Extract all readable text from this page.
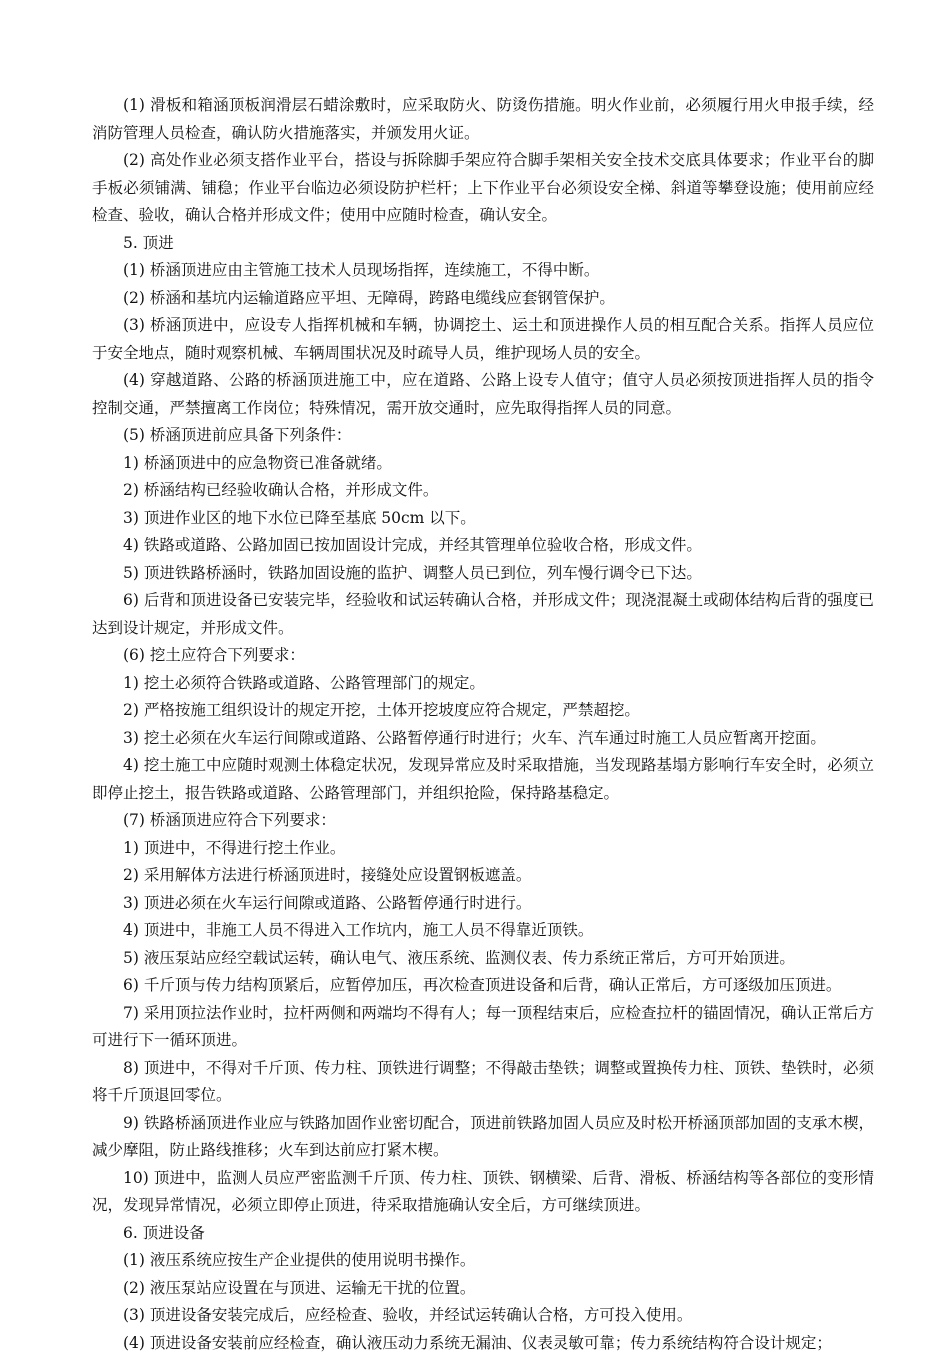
(1) 滑板和箱涵顶板润滑层石蜡涂敷时，应采取防火、防烫伤措施。明火作业前，必须履行用火申报手续，经消防管理人员检查，确认防火措施落实，并颁发用火证。

(2) 高处作业必须支搭作业平台，搭设与拆除脚手架应符合脚手架相关安全技术交底具体要求；作业平台的脚手板必须铺满、铺稳；作业平台临边必须设防护栏杆；上下作业平台必须设安全梯、斜道等攀登设施；使用前应经检查、验收，确认合格并形成文件；使用中应随时检查，确认安全。

5. 顶进

(1) 桥涵顶进应由主管施工技术人员现场指挥，连续施工，不得中断。

(2) 桥涵和基坑内运输道路应平坦、无障碍，跨路电缆线应套钢管保护。

(3) 桥涵顶进中，应设专人指挥机械和车辆，协调挖土、运土和顶进操作人员的相互配合关系。指挥人员应位于安全地点，随时观察机械、车辆周围状况及时疏导人员，维护现场人员的安全。

(4) 穿越道路、公路的桥涵顶进施工中，应在道路、公路上设专人值守；值守人员必须按顶进指挥人员的指令控制交通，严禁擅离工作岗位；特殊情况，需开放交通时，应先取得指挥人员的同意。

(5) 桥涵顶进前应具备下列条件：

1) 桥涵顶进中的应急物资已准备就绪。

2) 桥涵结构已经验收确认合格，并形成文件。

3) 顶进作业区的地下水位已降至基底 50cm 以下。

4) 铁路或道路、公路加固已按加固设计完成，并经其管理单位验收合格，形成文件。

5) 顶进铁路桥涵时，铁路加固设施的监护、调整人员已到位，列车慢行调令已下达。

6) 后背和顶进设备已安装完毕，经验收和试运转确认合格，并形成文件；现浇混凝土或砌体结构后背的强度已达到设计规定，并形成文件。

(6) 挖土应符合下列要求：

1) 挖土必须符合铁路或道路、公路管理部门的规定。

2) 严格按施工组织设计的规定开挖，土体开挖坡度应符合规定，严禁超挖。

3) 挖土必须在火车运行间隙或道路、公路暂停通行时进行；火车、汽车通过时施工人员应暂离开挖面。

4) 挖土施工中应随时观测土体稳定状况，发现异常应及时采取措施，当发现路基塌方影响行车安全时，必须立即停止挖土，报告铁路或道路、公路管理部门，并组织抢险，保持路基稳定。

(7) 桥涵顶进应符合下列要求：

1) 顶进中，不得进行挖土作业。

2) 采用解体方法进行桥涵顶进时，接缝处应设置钢板遮盖。

3) 顶进必须在火车运行间隙或道路、公路暂停通行时进行。

4) 顶进中，非施工人员不得进入工作坑内，施工人员不得靠近顶铁。

5) 液压泵站应经空载试运转，确认电气、液压系统、监测仪表、传力系统正常后，方可开始顶进。

6) 千斤顶与传力结构顶紧后，应暂停加压，再次检查顶进设备和后背，确认正常后，方可逐级加压顶进。

7) 采用顶拉法作业时，拉杆两侧和两端均不得有人；每一顶程结束后，应检查拉杆的锚固情况，确认正常后方可进行下一循环顶进。

8) 顶进中，不得对千斤顶、传力柱、顶铁进行调整；不得敲击垫铁；调整或置换传力柱、顶铁、垫铁时，必须将千斤顶退回零位。

9) 铁路桥涵顶进作业应与铁路加固作业密切配合，顶进前铁路加固人员应及时松开桥涵顶部加固的支承木楔，减少摩阻，防止路线推移；火车到达前应打紧木楔。

10) 顶进中，监测人员应严密监测千斤顶、传力柱、顶铁、钢横梁、后背、滑板、桥涵结构等各部位的变形情况，发现异常情况，必须立即停止顶进，待采取措施确认安全后，方可继续顶进。

6. 顶进设备

(1) 液压系统应按生产企业提供的使用说明书操作。

(2) 液压泵站应设置在与顶进、运输无干扰的位置。

(3) 顶进设备安装完成后，应经检查、验收，并经试运转确认合格，方可投入使用。

(4) 顶进设备安装前应经检查，确认液压动力系统无漏油、仪表灵敏可靠；传力系统结构符合设计规定；
